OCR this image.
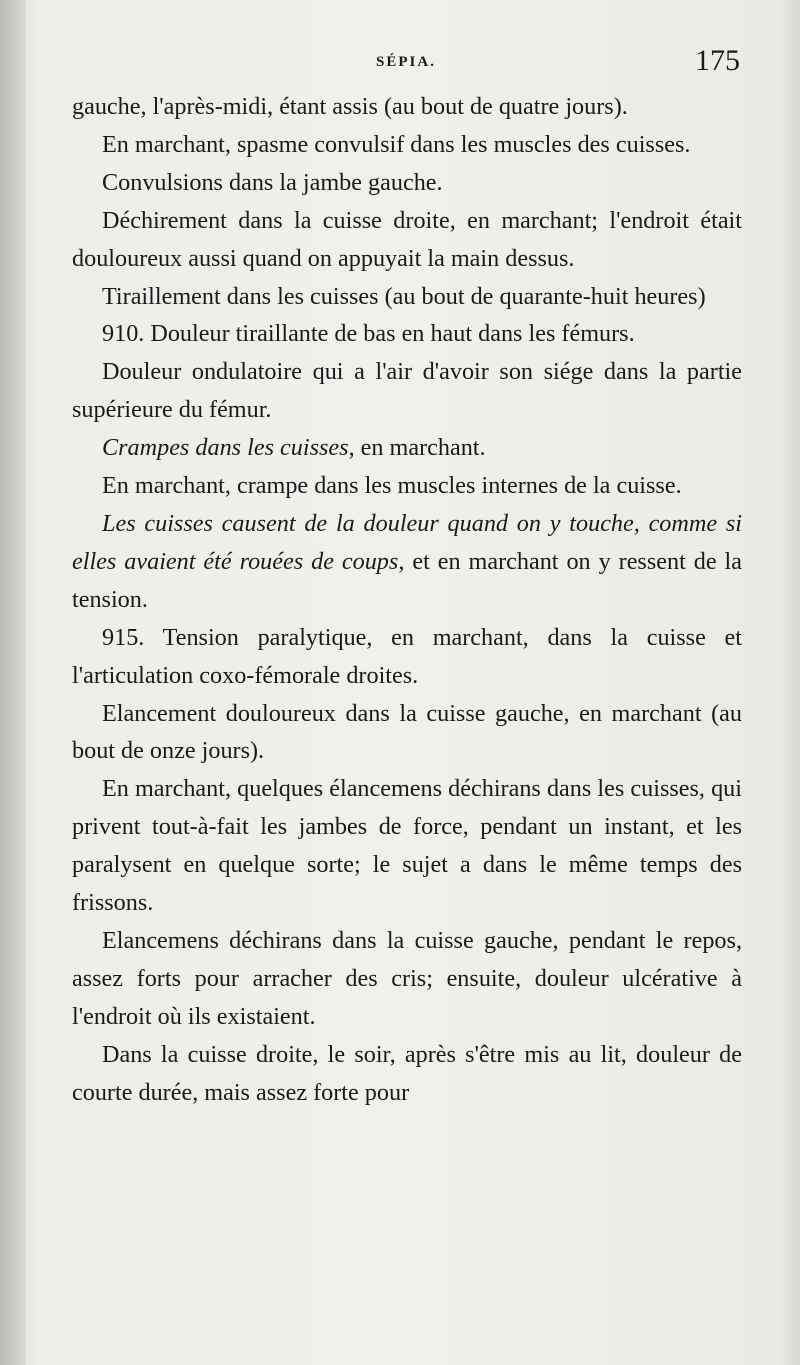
SÉPIA.	175

gauche, l'après-midi, étant assis (au bout de quatre jours).

En marchant, spasme convulsif dans les muscles des cuisses.

Convulsions dans la jambe gauche.

Déchirement dans la cuisse droite, en marchant; l'endroit était douloureux aussi quand on appuyait la main dessus.

Tiraillement dans les cuisses (au bout de quarante-huit heures)

910. Douleur tiraillante de bas en haut dans les fémurs.

Douleur ondulatoire qui a l'air d'avoir son siége dans la partie supérieure du fémur.

Crampes dans les cuisses, en marchant.

En marchant, crampe dans les muscles internes de la cuisse.

Les cuisses causent de la douleur quand on y touche, comme si elles avaient été rouées de coups, et en marchant on y ressent de la tension.

915. Tension paralytique, en marchant, dans la cuisse et l'articulation coxo-fémorale droites.

Elancement douloureux dans la cuisse gauche, en marchant (au bout de onze jours).

En marchant, quelques élancemens déchirans dans les cuisses, qui privent tout-à-fait les jambes de force, pendant un instant, et les paralysent en quelque sorte; le sujet a dans le même temps des frissons.

Elancemens déchirans dans la cuisse gauche, pendant le repos, assez forts pour arracher des cris; ensuite, douleur ulcérative à l'endroit où ils existaient.

Dans la cuisse droite, le soir, après s'être mis au lit, douleur de courte durée, mais assez forte pour
